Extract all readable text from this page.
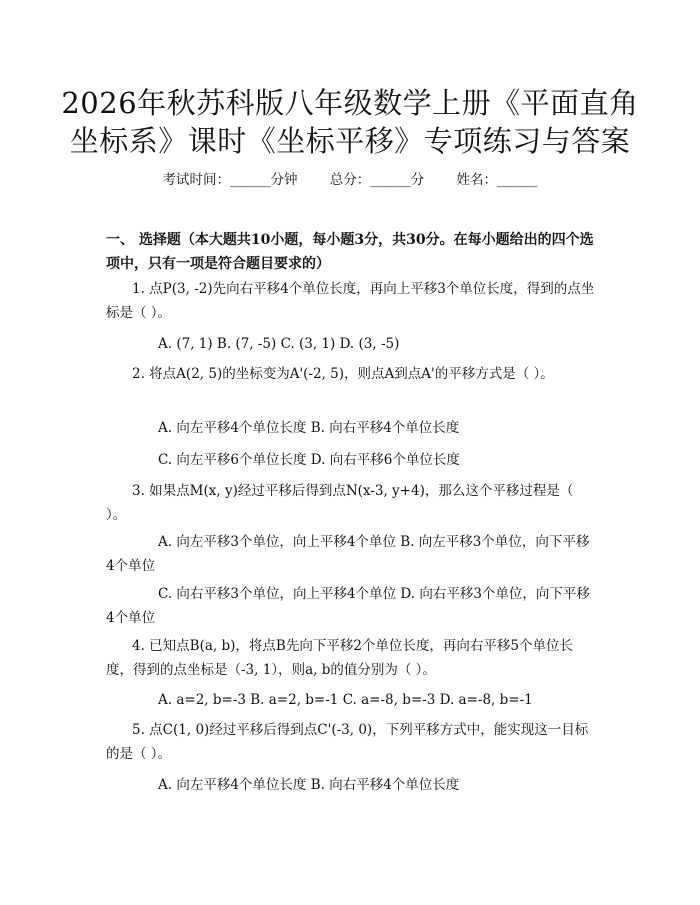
2026年秋苏科版八年级数学上册《平面直角
坐标系》课时《坐标平移》专项练习与答案
考试时间：______分钟 总分：______分 姓名：______
一、 选择题（本大题共10小题，每小题3分，共30分。在每小题给出的四个选项中，只有一项是符合题目要求的）
1. 点P(3, -2)先向右平移4个单位长度，再向上平移3个单位长度，得到的点坐标是（ ）。
A. (7, 1) B. (7, -5) C. (3, 1) D. (3, -5)
2. 将点A(2, 5)的坐标变为A'(-2, 5)，则点A到点A'的平移方式是（ ）。
A. 向左平移4个单位长度 B. 向右平移4个单位长度
C. 向左平移6个单位长度 D. 向右平移6个单位长度
3. 如果点M(x, y)经过平移后得到点N(x-3, y+4)，那么这个平移过程是（ ）。
A. 向左平移3个单位，向上平移4个单位 B. 向左平移3个单位，向下平移4个单位
C. 向右平移3个单位，向上平移4个单位 D. 向右平移3个单位，向下平移4个单位
4. 已知点B(a, b)，将点B先向下平移2个单位长度，再向右平移5个单位长度，得到的点坐标是（-3, 1），则a, b的值分别为（ ）。
A. a=2, b=-3 B. a=2, b=-1 C. a=-8, b=-3 D. a=-8, b=-1
5. 点C(1, 0)经过平移后得到点C'(-3, 0)，下列平移方式中，能实现这一目标的是（ ）。
A. 向左平移4个单位长度 B. 向右平移4个单位长度
